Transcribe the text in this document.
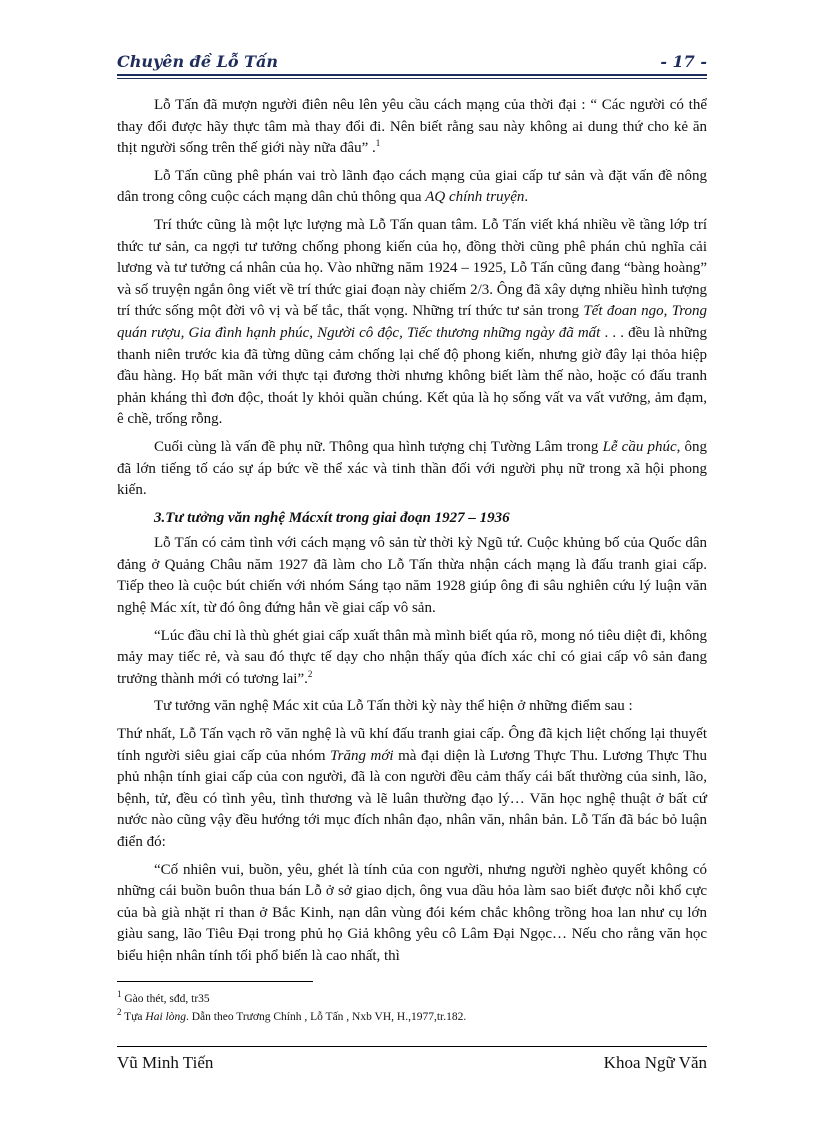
Chuyên đề Lỗ Tấn	- 17 -

Lỗ Tấn đã mượn người điên nêu lên yêu cầu cách mạng của thời đại : “ Các người có thể thay đổi được hãy thực tâm mà thay đổi đi. Nên biết rằng sau này không ai dung thứ cho kẻ ăn thịt người sống trên thế giới này nữa đâu” .$^1$

Lỗ Tấn cũng phê phán vai trò lãnh đạo cách mạng của giai cấp tư sản và đặt vấn đề nông dân trong công cuộc cách mạng dân chủ thông qua AQ chính truyện.

Trí thức cũng là một lực lượng mà Lỗ Tấn quan tâm. Lỗ Tấn viết khá nhiều về tầng lớp trí thức tư sản, ca ngợi tư tưởng chống phong kiến của họ, đồng thời cũng phê phán chủ nghĩa cải lương và tư tưởng cá nhân của họ. Vào những năm 1924 – 1925, Lỗ Tấn cũng đang “bàng hoàng” và số truyện ngắn ông viết về trí thức giai đoạn này chiếm 2/3. Ông đã xây dựng nhiều hình tượng trí thức sống một đời vô vị và bế tắc, thất vọng. Những trí thức tư sản trong Tết đoan ngo, Trong quán rượu, Gia đình hạnh phúc, Người cô độc, Tiếc thương những ngày đã mất . . . đều là những thanh niên trước kia đã từng dũng cảm chống lại chế độ phong kiến, nhưng giờ đây lại thỏa hiệp đầu hàng. Họ bất mãn với thực tại đương thời nhưng không biết làm thế nào, hoặc có đấu tranh phản kháng thì đơn độc, thoát ly khỏi quần chúng. Kết qủa là họ sống vất va vất vưởng, ảm đạm, ê chề, trống rỗng.

Cuối cùng là vấn đề phụ nữ. Thông qua hình tượng chị Tường Lâm trong Lễ cầu phúc, ông đã lớn tiếng tố cáo sự áp bức về thể xác và tinh thần đối với người phụ nữ trong xã hội phong kiến.

3.Tư tưởng văn nghệ Mácxít trong giai đoạn 1927 – 1936

Lỗ Tấn có cảm tình với cách mạng vô sản từ thời kỳ Ngũ tứ. Cuộc khủng bố của Quốc dân đảng ở Quảng Châu năm 1927 đã làm cho Lỗ Tấn thừa nhận cách mạng là đấu tranh giai cấp. Tiếp theo là cuộc bút chiến với nhóm Sáng tạo năm 1928 giúp ông đi sâu nghiên cứu lý luận văn nghệ Mác xít, từ đó ông đứng hẳn về giai cấp vô sản.

“Lúc đầu chỉ là thù ghét giai cấp xuất thân mà mình biết qúa rõ, mong nó tiêu diệt đi, không mảy may tiếc rẻ, và sau đó thực tế dạy cho nhận thấy qủa đích xác chỉ có giai cấp vô sản đang trưởng thành mới có tương lai”.$^2$

Tư tưởng văn nghệ Mác xit của Lỗ Tấn thời kỳ này thể hiện ở những điểm sau :

Thứ nhất, Lỗ Tấn vạch rõ văn nghệ là vũ khí đấu tranh giai cấp. Ông đã kịch liệt chống lại thuyết tính người siêu giai cấp của nhóm Trăng mới mà đại diện là Lương Thực Thu. Lương Thực Thu phủ nhận tính giai cấp của con người, đã là con người đều cảm thấy cái bất thường của sinh, lão, bệnh, tử, đều có tình yêu, tình thương và lẽ luân thường đạo lý… Văn học nghệ thuật ở bất cứ nước nào cũng vậy đều hướng tới mục đích nhân đạo, nhân văn, nhân bản. Lỗ Tấn đã bác bỏ luận điển đó:

“Cố nhiên vui, buồn, yêu, ghét là tính của con người, nhưng người nghèo quyết không có những cái buồn buôn thua bán Lỗ ở sở giao dịch, ông vua dầu hỏa làm sao biết được nỗi khổ cực của bà già nhặt rỉ than ở Bắc Kinh, nạn dân vùng đói kém chắc không trồng hoa lan như cụ lớn giàu sang, lão Tiêu Đại trong phủ họ Giả không yêu cô Lâm Đại Ngọc… Nếu cho rằng văn học biểu hiện nhân tính tối phổ biến là cao nhất, thì

$^1$ Gào thét, sđd, tr35
$^2$ Tựa Hai lòng. Dẫn theo Trương Chính , Lỗ Tấn , Nxb VH, H.,1977,tr.182.
Vũ Minh Tiến	Khoa Ngữ Văn
